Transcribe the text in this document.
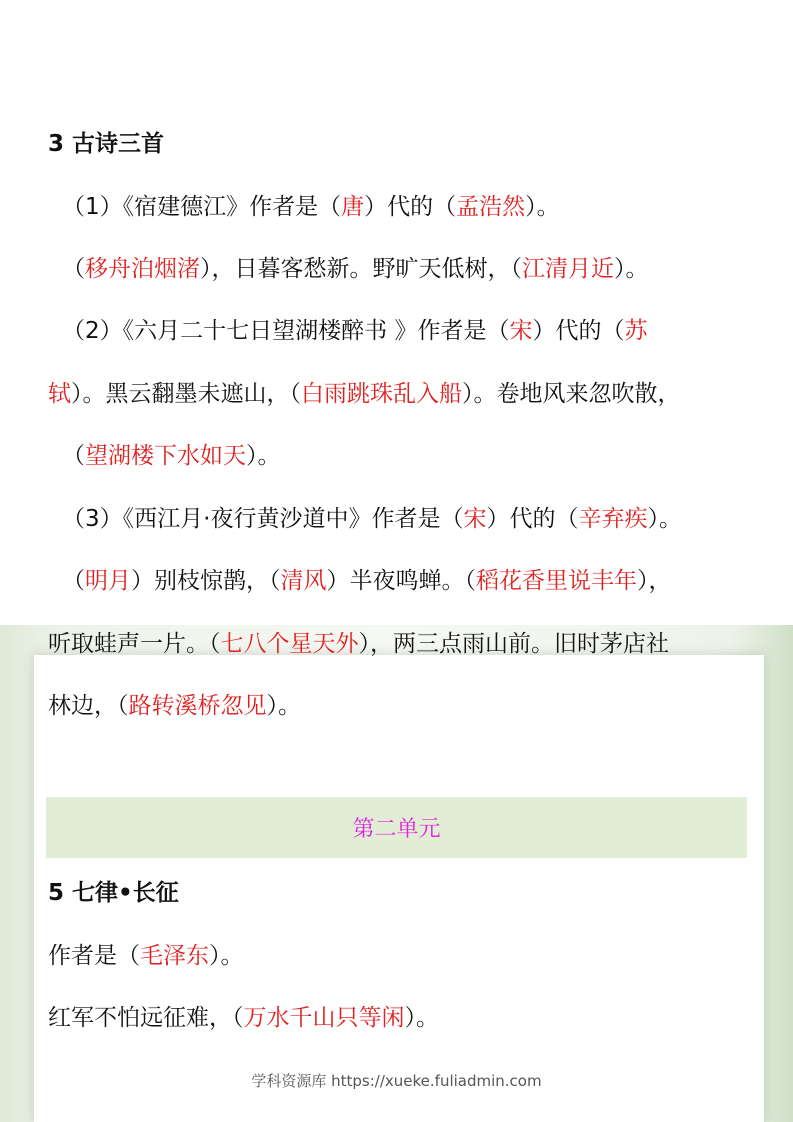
3 古诗三首
（1）《宿建德江》作者是（唐）代的（孟浩然）。
（移舟泊烟渚），日暮客愁新。野旷天低树，（江清月近）。
（2）《六月二十七日望湖楼醉书 》作者是（宋）代的（苏
轼）。黑云翻墨未遮山，（白雨跳珠乱入船）。卷地风来忽吹散，
（望湖楼下水如天）。
（3）《西江月·夜行黄沙道中》作者是（宋）代的（辛弃疾）。
（明月）别枝惊鹊，（清风）半夜鸣蝉。（稻花香里说丰年），
听取蛙声一片。（七八个星天外），两三点雨山前。旧时茅店社
林边，（路转溪桥忽见）。
第二单元
5 七律•长征
作者是（毛泽东）。
红军不怕远征难，（万水千山只等闲）。
学科资源库 https://xueke.fuliadmin.com
